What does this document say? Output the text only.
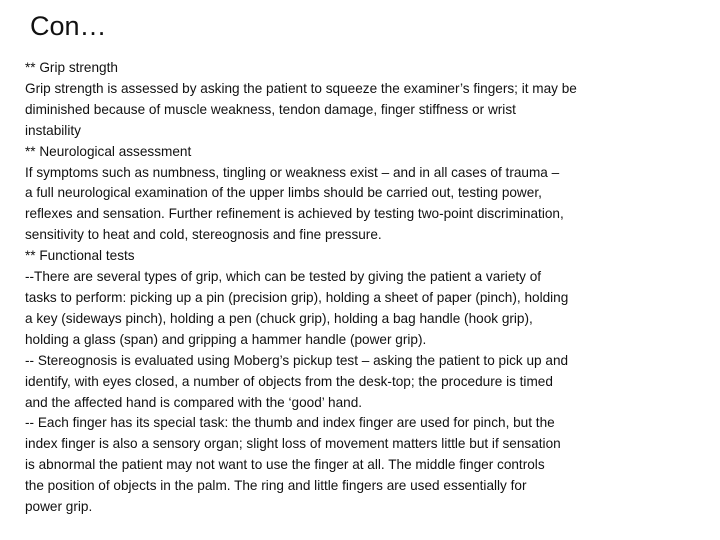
Con…
** Grip strength
Grip strength is assessed by asking the patient to squeeze the examiner’s fingers; it may be
diminished because of muscle weakness, tendon damage, finger stiffness or wrist
instability
** Neurological assessment
If symptoms such as numbness, tingling or weakness exist – and in all cases of trauma –
a full neurological examination of the upper limbs should be carried out, testing power,
reflexes and sensation. Further refinement is achieved by testing two-point discrimination,
sensitivity to heat and cold, stereognosis and fine pressure.
** Functional tests
--There are several types of grip, which can be tested by giving the patient a variety of
tasks to perform: picking up a pin (precision grip), holding a sheet of paper (pinch), holding
a key (sideways pinch), holding a pen (chuck grip), holding a bag handle (hook grip),
holding a glass (span) and gripping a hammer handle (power grip).
-- Stereognosis is evaluated using Moberg’s pickup test – asking the patient to pick up and
identify, with eyes closed, a number of objects from the desk-top; the procedure is timed
and the affected hand is compared with the ‘good’ hand.
-- Each finger has its special task: the thumb and index finger are used for pinch, but the
index finger is also a sensory organ; slight loss of movement matters little but if sensation
is abnormal the patient may not want to use the finger at all. The middle finger controls
the position of objects in the palm. The ring and little fingers are used essentially for
power grip.
